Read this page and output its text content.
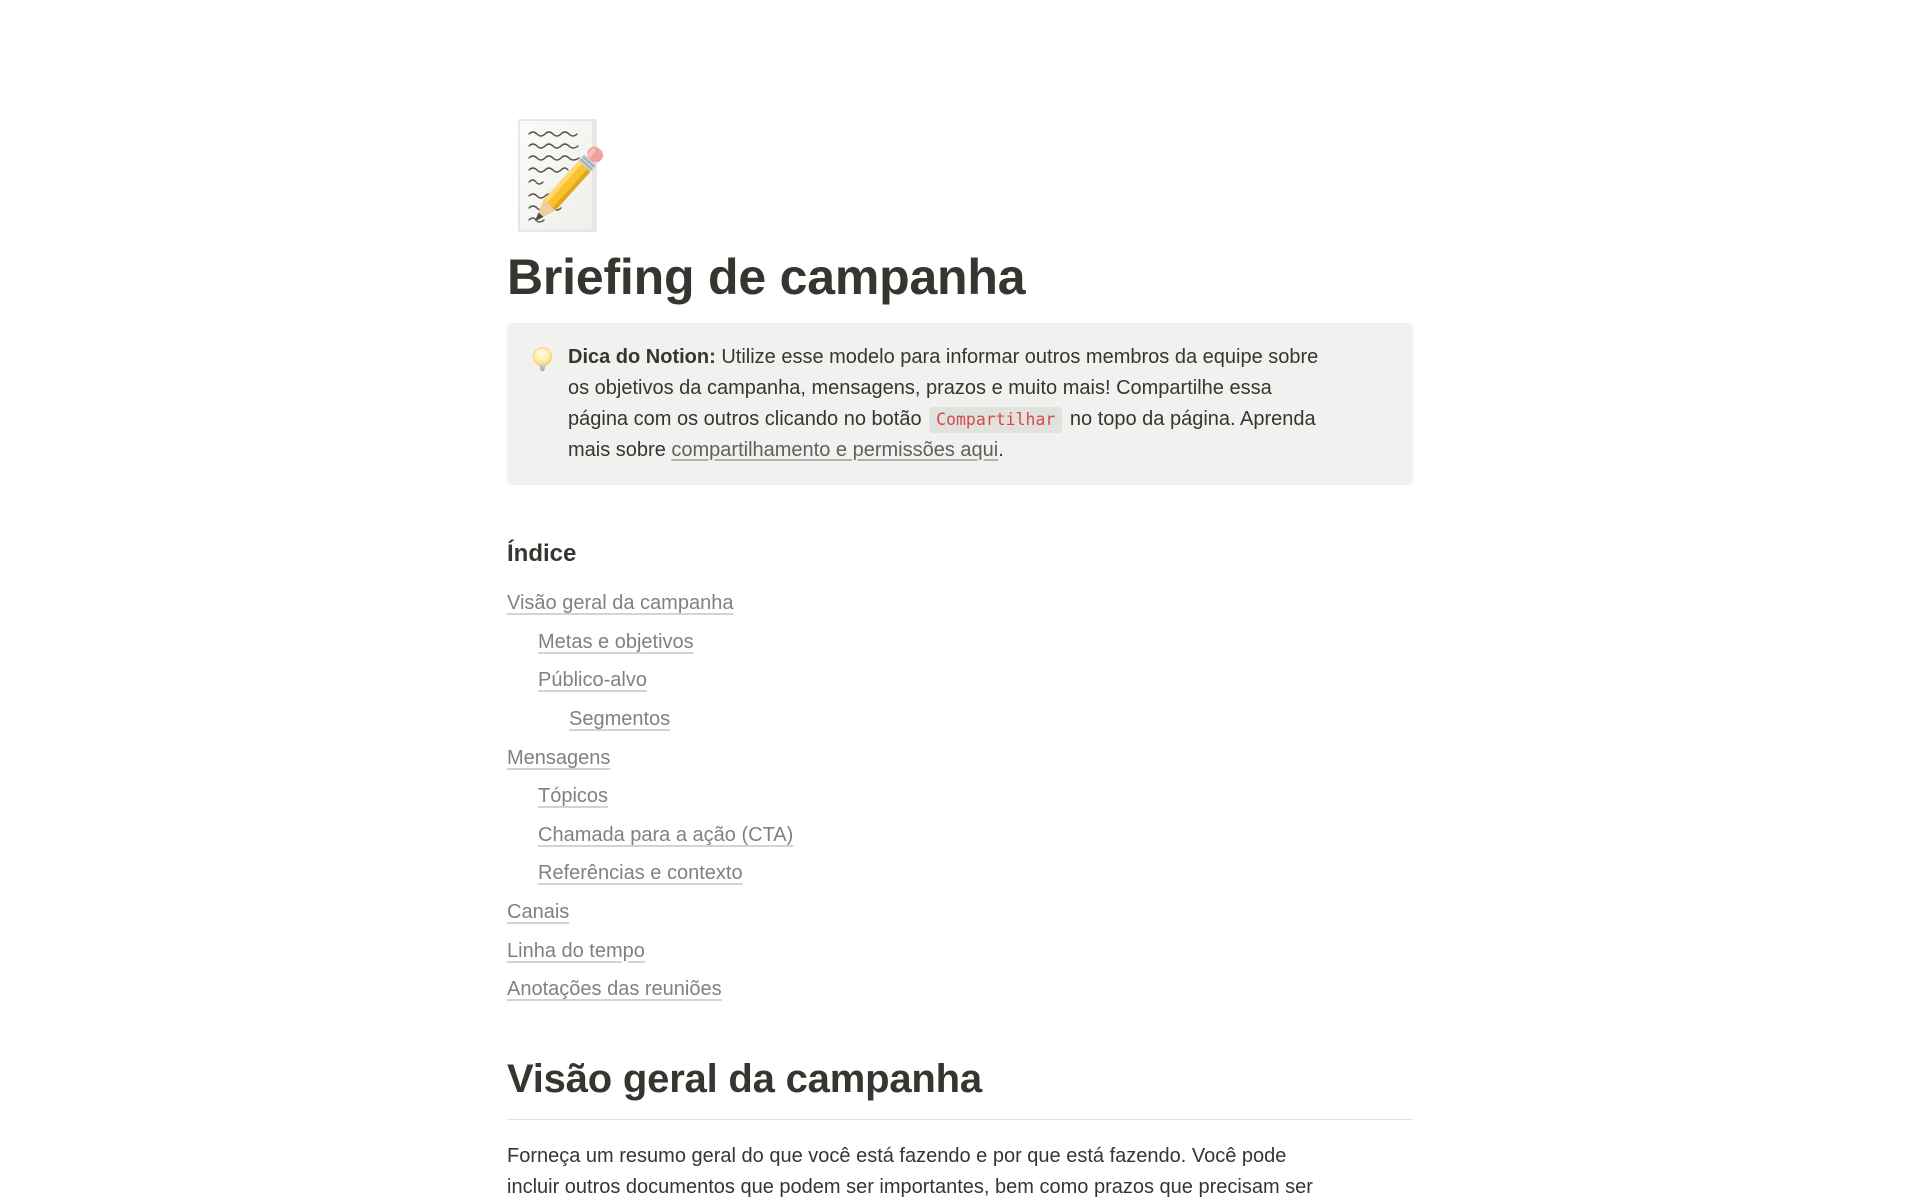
Briefing de campanha
Dica do Notion: Utilize esse modelo para informar outros membros da equipe sobre
os objetivos da campanha, mensagens, prazos e muito mais! Compartilhe essa
página com os outros clicando no botão Compartilhar no topo da página. Aprenda
mais sobre compartilhamento e permissões aqui.
Índice
Visão geral da campanha
Metas e objetivos
Público-alvo
Segmentos
Mensagens
Tópicos
Chamada para a ação (CTA)
Referências e contexto
Canais
Linha do tempo
Anotações das reuniões
Visão geral da campanha
Forneça um resumo geral do que você está fazendo e por que está fazendo. Você pode
incluir outros documentos que podem ser importantes, bem como prazos que precisam ser
